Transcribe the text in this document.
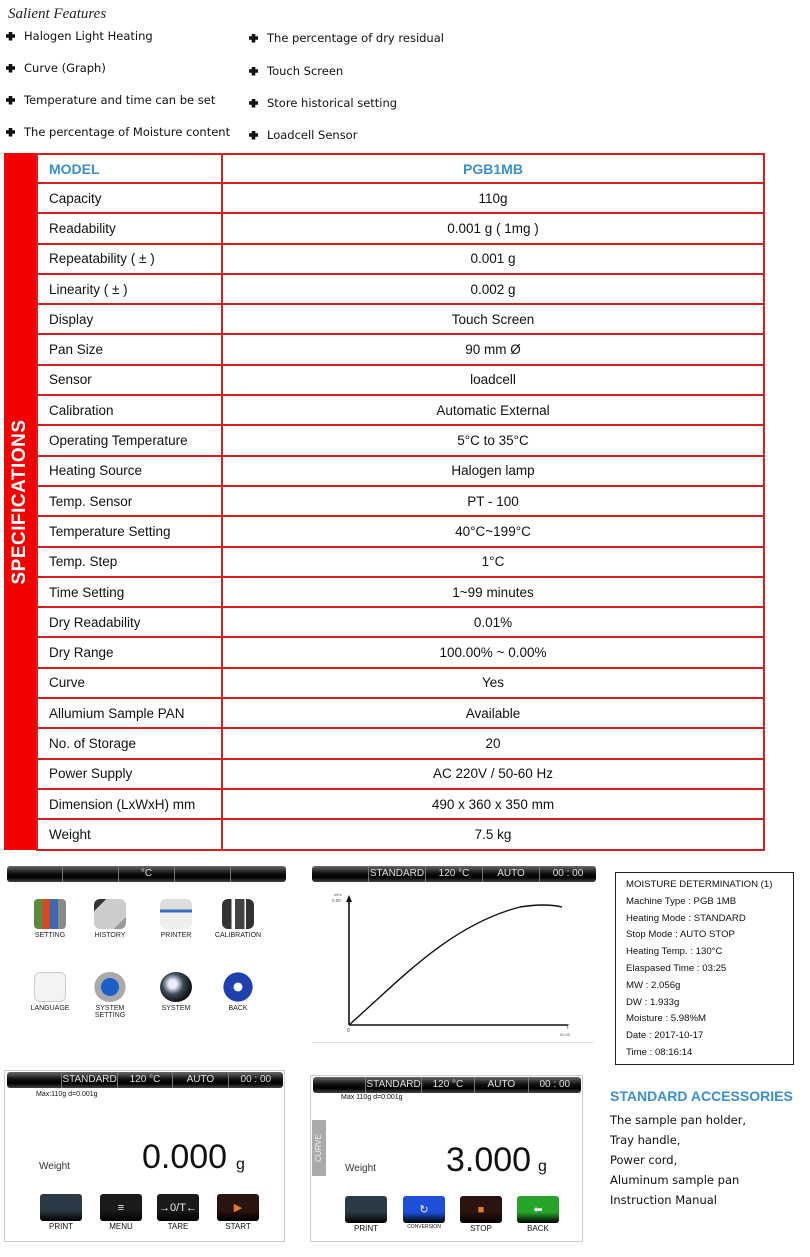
Salient Features
Halogen Light Heating
Curve (Graph)
Temperature and time can be set
The percentage of Moisture content
The percentage of dry residual
Touch Screen
Store historical setting
Loadcell Sensor
SPECIFICATIONS
MODEL	PGB1MB
Capacity	110g
Readability	0.001 g ( 1mg )
Repeatability ( ± )	0.001 g
Linearity ( ± )	0.002 g
Display	Touch Screen
Pan Size	90 mm Ø
Sensor	loadcell
Calibration	Automatic External
Operating Temperature	5°C to 35°C
Heating Source	Halogen lamp
Temp. Sensor	PT - 100
Temperature Setting	40°C~199°C
Temp. Step	1°C
Time Setting	1~99 minutes
Dry Readability	0.01%
Dry Range	100.00% ~ 0.00%
Curve	Yes
Allumium Sample PAN	Available
No. of Storage	20
Power Supply	AC 220V / 50-60 Hz
Dimension (LxWxH) mm	490 x 360 x 350 mm
Weight	7.5 kg
°C
SETTING	HISTORY	PRINTER	CALIBRATION
LANGUAGE	SYSTEM SETTING
SYSTEM	BACK
STANDARD	120 °C	AUTO	00 : 00
wt%
0.00
0	T
00.00
MOISTURE DETERMINATION (1)
Machine Type : PGB 1MB
Heating Mode : STANDARD
Stop Mode : AUTO STOP
Heating Temp. : 130°C
Elaspased Time : 03:25
MW : 2.056g
DW : 1.933g
Moisture : 5.98%M
Date : 2017-10-17
Time : 08:16:14
STANDARD	120 °C	AUTO	00 : 00
Max:110g d=0.001g
Weight 0.000 g
PRINT
≡
MENU
→0/T←
TARE
▶
START
STANDARD	120 °C	AUTO	00 : 00
Max 110g d=0.001g
CURVE
Weight 3.000 g
PRINT
↻
CONVERSION
■
STOP
⬅
BACK
STANDARD ACCESSORIES
The sample pan holder,
Tray handle,
Power cord,
Aluminum sample pan
Instruction Manual
